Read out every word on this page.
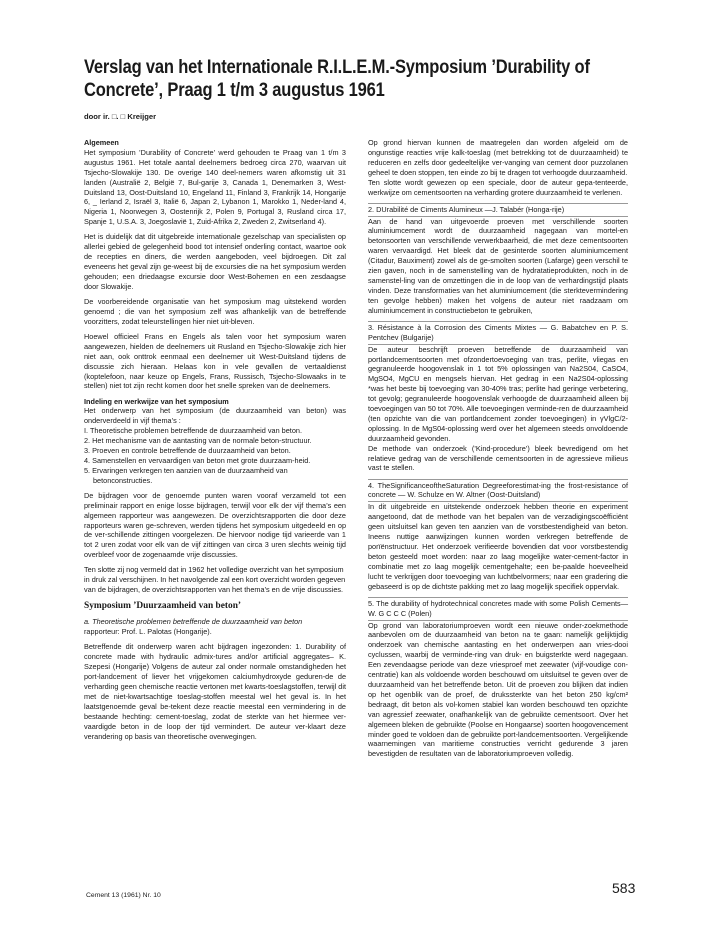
Verslag van het Internationale R.I.L.E.M.-Symposium ’Durability of
Concrete’, Praag 1 t/m 3 augustus 1961
door ir. □. □ Kreijger

Algemeen

Het symposium ’Durability of Concrete’ werd gehouden te Praag van 1 t/m 3 augustus 1961. Het totale aantal deelnemers bedroeg circa 270, waarvan uit Tsjecho-Slowakije 130. De overige 140 deel-nemers waren afkomstig uit 31 landen (Australië 2, België 7, Bul-garije 3, Canada 1, Denemarken 3, West-Duitsland 13, Oost-Duitsland 10, Engeland 11, Finland 3, Frankrijk 14, Hongarije 6, _ Ierland 2, Israël 3, Italië 6, Japan 2, Lybanon 1, Marokko 1, Neder-land 4, Nigeria 1, Noorwegen 3, Oostenrijk 2, Polen 9, Portugal 3, Rusland circa 17, Spanje 1, U.S.A. 3, Joegoslavië 1, Zuid-Afrika 2, Zweden 2, Zwitserland 4).

Het is duidelijk dat dit uitgebreide internationale gezelschap van specialisten op allerlei gebied de gelegenheid bood tot intensief onderling contact, waartoe ook de recepties en diners, die werden aangeboden, veel bijdroegen. Dit zal eveneens het geval zijn ge-weest bij de excursies die na het symposium werden gehouden; een driedaagse excursie door West-Bohemen en een zesdaagse door Slowakije.

De voorbereidende organisatie van het symposium mag uitstekend worden genoemd ; die van het symposium zelf was afhankelijk van de betreffende voorzitters, zodat teleurstellingen hier niet uit-bleven.

Hoewel officieel Frans en Engels als talen voor het symposium waren aangewezen, hielden de deelnemers uit Rusland en Tsjecho-Slowakije zich hier niet aan, ook onttrok eenmaal een deelnemer uit West-Duitsland tijdens de discussie zich hieraan. Helaas kon in vele gevallen de vertaaldienst (koptelefoon, naar keuze op Engels, Frans, Russisch, Tsjecho-Slowaaks in te stellen) niet tot zijn recht komen door het snelle spreken van de deelnemers.

Indeling en werkwijze van het symposium

Het onderwerp van het symposium (de duurzaamheid van beton) was onderverdeeld in vijf thema’s :

I. Theoretische problemen betreffende de duurzaamheid van beton.
2. Het mechanisme van de aantasting van de normale beton-structuur.
3. Proeven en controle betreffende de duurzaamheid van beton.
4. Samenstellen en vervaardigen van beton met grote duurzaam-heid.
5. Ervaringen verkregen ten aanzien van de duurzaamheid van betonconstructies.

De bijdragen voor de genoemde punten waren vooraf verzameld tot een preliminair rapport en enige losse bijdragen, terwijl voor elk der vijf thema’s een algemeen rapporteur was aangewezen. De overzichtsrapporten die door deze rapporteurs waren ge-schreven, werden tijdens het symposium uitgedeeld en op de ver-schillende zittingen voorgelezen. De hiervoor nodige tijd varieerde van 1 tot 2 uren zodat voor elk van de vijf zittingen van circa 3 uren slechts weinig tijd overbleef voor de zogenaamde vrije discussies.

Ten slotte zij nog vermeld dat in 1962 het volledige overzicht van het symposium in druk zal verschijnen. In het navolgende zal een kort overzicht worden gegeven van de bijdragen, de overzichtsrapporten van het thema’s en de vrije discussies.

Symposium ’Duurzaamheid van beton’

a. Theoretische problemen betreffende de duurzaamheid van beton

rapporteur: Prof. L. Palotas (Hongarije).

Betreffende dit onderwerp waren acht bijdragen ingezonden: 1. Durability of concrete made with hydraulic admix-tures and/or artificial aggregates– K. Szepesi (Hongarije) Volgens de auteur zal onder normale omstandigheden het port-landcement of liever het vrijgekomen calciumhydroxyde geduren-de de verharding geen chemische reactie vertonen met kwarts-toeslagstoffen, terwijl dit met de niet-kwartsachtige toeslag-stoffen meestal wel het geval is. In het laatstgenoemde geval be-tekent deze reactie meestal een vermindering in de bestaande hechting: cement-toeslag, zodat de sterkte van het hiermee ver-vaardigde beton in de loop der tijd vermindert. De auteur ver-klaart deze verandering op basis van theoretische overwegingen.

Op grond hiervan kunnen de maatregelen dan worden afgeleid om de ongunstige reacties vrije kalk-toeslag (met betrekking tot de duurzaamheid) te reduceren en zelfs door gedeeltelijke ver-vanging van cement door puzzolanen geheel te doen stoppen, ten einde zo bij te dragen tot verhoogde duurzaamheid.

Ten slotte wordt gewezen op een speciale, door de auteur gepa-tenteerde, werkwijze om cementsoorten na verharding grotere duurzaamheid te verlenen.

2. DUrabilité de Ciments Alumineux —J. Talabér (Honga-rije)

Aan de hand van uitgevoerde proeven met verschillende soorten aluminiumcement wordt de duurzaamheid nagegaan van mortel-en betonsoorten van verschillende verwerkbaarheid, die met deze cementsoorten waren vervaardigd. Het bleek dat de gesinterde soorten aluminiumcement (Citadur, Bauximent) zowel als de ge-smolten soorten (Lafarge) geen verschil te zien gaven, noch in de samenstelling van de hydratatieprodukten, noch in de samenstel-ling van de omzettingen die in de loop van de verhardingstijd plaats vinden. Deze transformaties van het aluminiumcement (die sterktevermindering ten gevolge hebben) maken het volgens de auteur niet raadzaam om aluminiumcement in constructiebeton te gebruiken,

3. Résistance à la Corrosion des Ciments Mixtes — G. Babatchev en P. S. Pentchev (Bulgarije)

De auteur beschrijft proeven betreffende de duurzaamheid van portlandcementsoorten met ofzondertoevoeging van tras, perlite, vliegas en gegranuleerde hoogovenslak in 1 tot 5% oplossingen van Na2S04, CaSO4, MgSO4, MgCU en mengsels hiervan. Het gedrag in een Na2S04-oplossing *was het beste bij toevoeging van 30-40% tras; perlite had geringe verbetering, tot gevolg; gegranuleerde hoogovenslak verhoogde de duurzaamheid alleen bij toevoegingen van 50 tot 70%. Alle toevoegingen verminde-ren de duurzaamheid (ten opzichte van die van portlandcement zonder toevoegingen) in γVlgC/2-oplossing. In de MgS04-oplossing werd over het algemeen steeds onvoldoende duurzaamheid gevonden.

De methode van onderzoek (’Kind-procedure’) bleek bevredigend om het relatieve gedrag van de verschillende cementsoorten in de agressieve milieus vast te stellen.

4. TheSignificanceoftheSaturation Degreeforestimat-ing the frost-resistance of concrete — W. Schulze en W. Altner (Oost-Duitsland)

In dit uitgebreide en uitstekende onderzoek hebben theorie en experiment aangetoond, dat de methode van het bepalen van de verzadigingscoëfficiënt geen uitsluitsel kan geven ten aanzien van de vorstbestendigheid van beton. Ineens nuttige aanwijzingen kunnen worden verkregen betreffende de porïënstructuur. Het onderzoek verifieerde bovendien dat voor vorstbestendig beton gesteeld moet worden: naar zo laag mogelijke water-cement-factor in combinatie met zo laag mogelijk cementgehalte; een be-paalde hoeveelheid lucht te verkrijgen door toevoeging van luchtbelvormers; naar een gradering die gebaseerd is op de dichtste pakking met zo laag mogelijk specifiek oppervlak.

5. The durability of hydrotechnical concretes made with some Polish Cements— W. G C C C (Polen)

Op grond van laboratoriumproeven wordt een nieuwe onder-zoekmethode aanbevolen om de duurzaamheid van beton na te gaan: namelijk gelijktijdig onderzoek van chemische aantasting en het onderwerpen aan vries-dooi cyclussen, waarbij de verminde-ring van druk- en buigsterkte werd nagegaan. Een zevendaagse periode van deze vriesproef met zeewater (vijf-voudige con-centratie) kan als voldoende worden beschouwd om uitsluitsel te geven over de duurzaamheid van het betreffende beton. Uit de proeven zou blijken dat indien op het ogenblik van de proef, de drukssterkte van het beton 250 kg/cm² bedraagt, dit beton als vol-komen stabiel kan worden beschouwd ten opzichte van agressief zeewater, onafhankelijk van de gebruikte cementsoort. Over het algemeen bleken de gebruikte (Poolse en Hongaarse) soorten hoogovencement minder goed te voldoen dan de gebruikte port-landcementsoorten. Vergelijkende waarnemingen van maritieme constructies verricht gedurende 3 jaren bevestigden de resultaten van de laboratoriumproeven volledig.

Cement 13 (1961) Nr. 10	583
